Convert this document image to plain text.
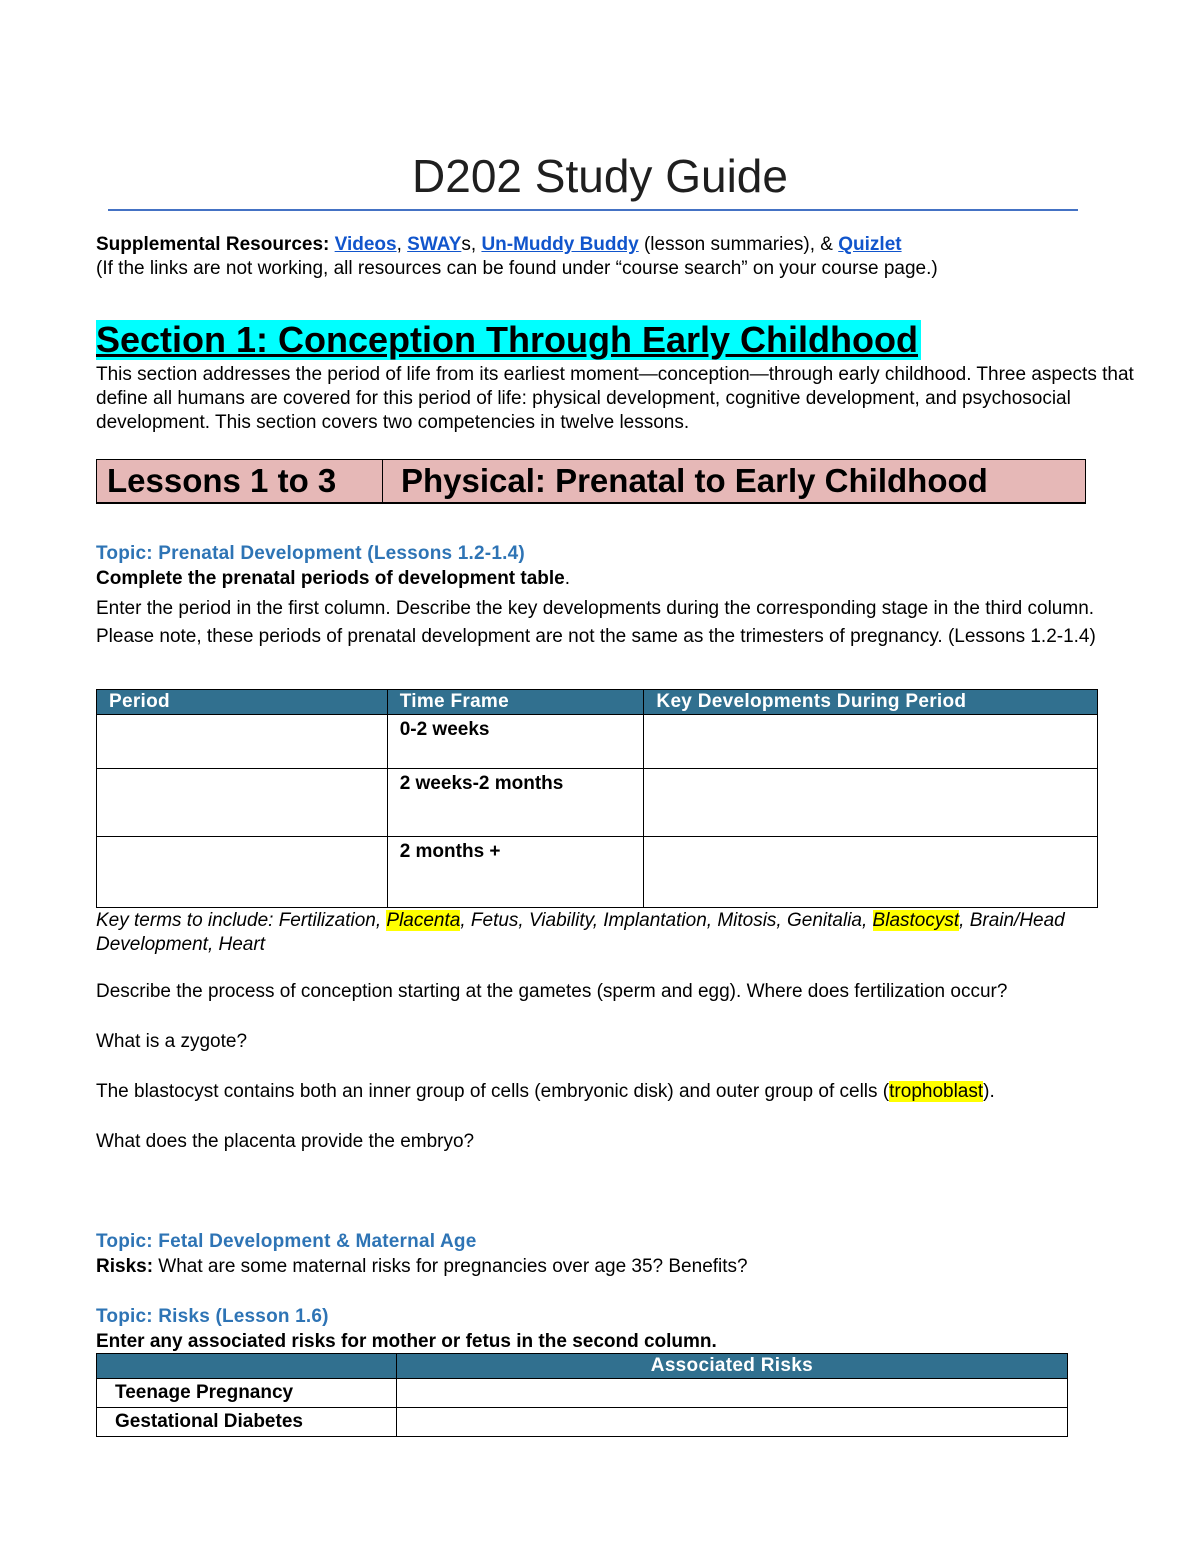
D202 Study Guide
Supplemental Resources: Videos, SWAYs, Un-Muddy Buddy (lesson summaries), & Quizlet
(If the links are not working, all resources can be found under “course search” on your course page.)
Section 1: Conception Through Early Childhood
This section addresses the period of life from its earliest moment—conception—through early childhood. Three aspects that define all humans are covered for this period of life: physical development, cognitive development, and psychosocial development. This section covers two competencies in twelve lessons.
Lessons 1 to 3	Physical: Prenatal to Early Childhood
Topic: Prenatal Development (Lessons 1.2-1.4)
Complete the prenatal periods of development table.
Enter the period in the first column. Describe the key developments during the corresponding stage in the third column. Please note, these periods of prenatal development are not the same as the trimesters of pregnancy. (Lessons 1.2-1.4)
Period	Time Frame	Key Developments During Period
	0-2 weeks	
	2 weeks-2 months	
	2 months +	
Key terms to include: Fertilization, Placenta, Fetus, Viability, Implantation, Mitosis, Genitalia, Blastocyst, Brain/Head Development, Heart
Describe the process of conception starting at the gametes (sperm and egg). Where does fertilization occur?
What is a zygote?
The blastocyst contains both an inner group of cells (embryonic disk) and outer group of cells (trophoblast).
What does the placenta provide the embryo?
Topic: Fetal Development & Maternal Age
Risks: What are some maternal risks for pregnancies over age 35? Benefits?
Topic: Risks (Lesson 1.6)
Enter any associated risks for mother or fetus in the second column.
	Associated Risks
Teenage Pregnancy	
Gestational Diabetes	
